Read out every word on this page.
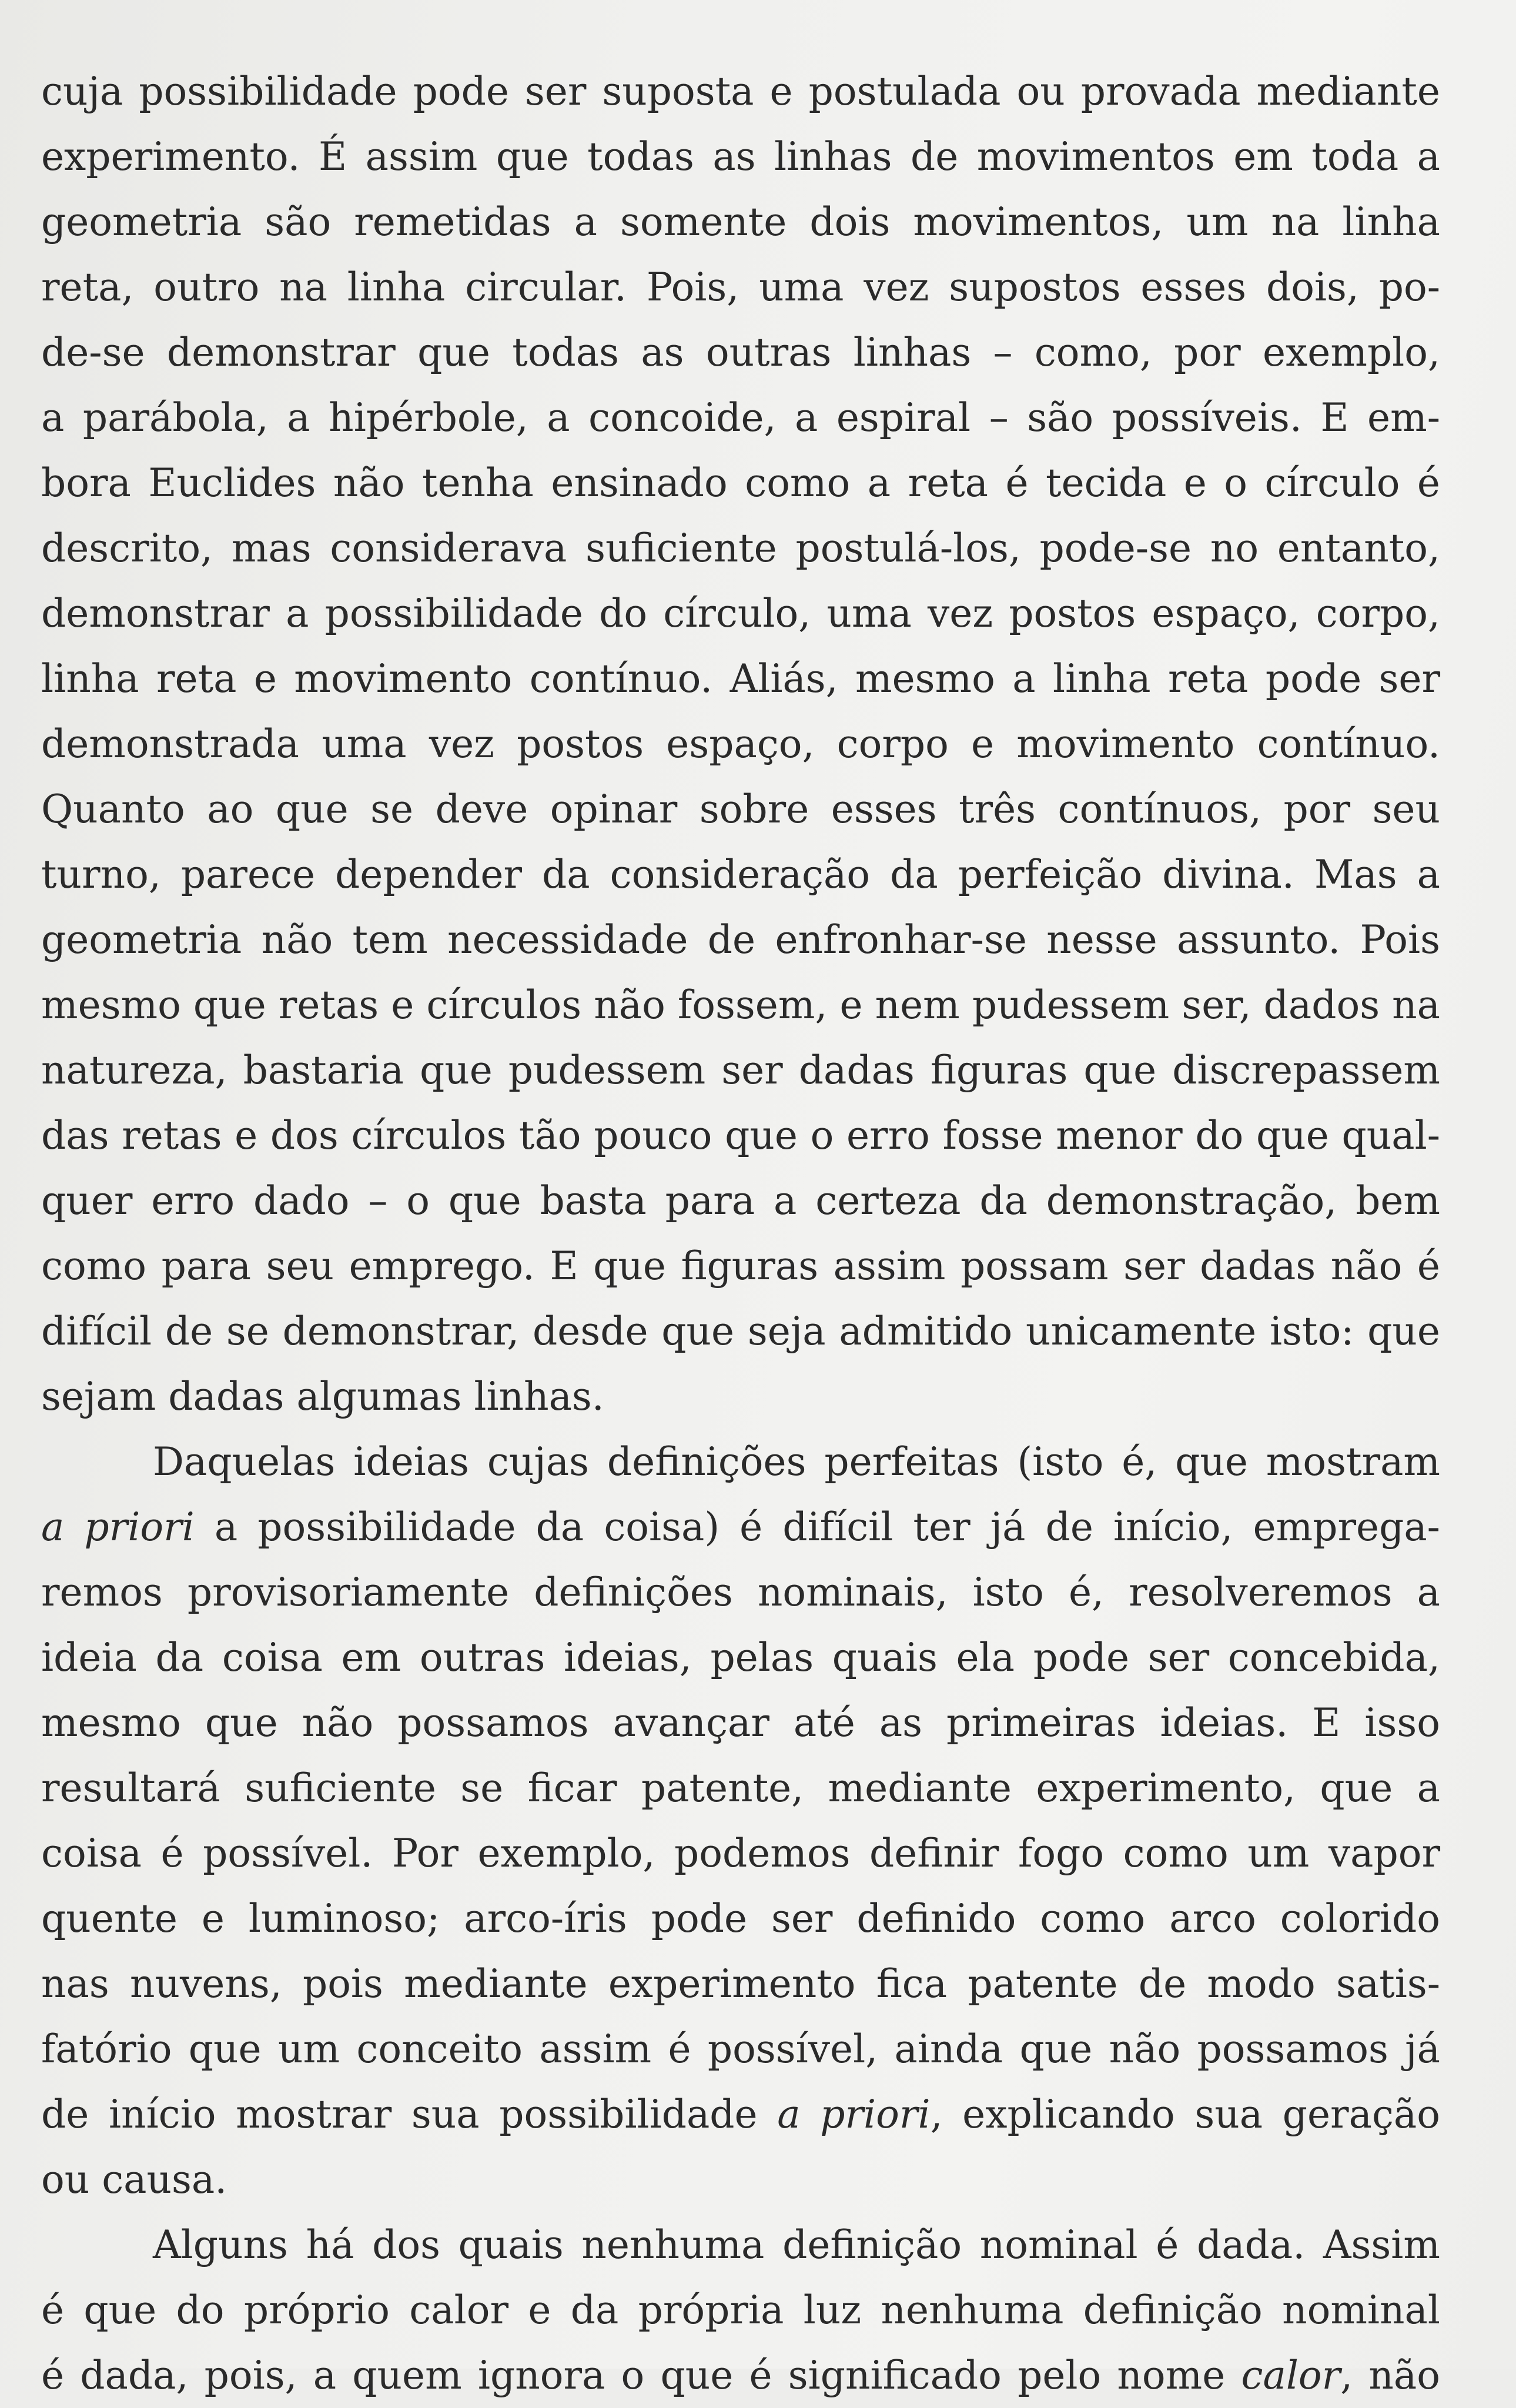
cuja possibilidade pode ser suposta e postulada ou provada mediante
experimento. É assim que todas as linhas de movimentos em toda a
geometria são remetidas a somente dois movimentos, um na linha
reta, outro na linha circular. Pois, uma vez supostos esses dois, po-
de-se demonstrar que todas as outras linhas – como, por exemplo,
a parábola, a hipérbole, a concoide, a espiral – são possíveis. E em-
bora Euclides não tenha ensinado como a reta é tecida e o círculo é
descrito, mas considerava suficiente postulá-los, pode-se no entanto,
demonstrar a possibilidade do círculo, uma vez postos espaço, corpo,
linha reta e movimento contínuo. Aliás, mesmo a linha reta pode ser
demonstrada uma vez postos espaço, corpo e movimento contínuo.
Quanto ao que se deve opinar sobre esses três contínuos, por seu
turno, parece depender da consideração da perfeição divina. Mas a
geometria não tem necessidade de enfronhar-se nesse assunto. Pois
mesmo que retas e círculos não fossem, e nem pudessem ser, dados na
natureza, bastaria que pudessem ser dadas figuras que discrepassem
das retas e dos círculos tão pouco que o erro fosse menor do que qual-
quer erro dado – o que basta para a certeza da demonstração, bem
como para seu emprego. E que figuras assim possam ser dadas não é
difícil de se demonstrar, desde que seja admitido unicamente isto: que
sejam dadas algumas linhas.
Daquelas ideias cujas definições perfeitas (isto é, que mostram
a priori a possibilidade da coisa) é difícil ter já de início, emprega-
remos provisoriamente definições nominais, isto é, resolveremos a
ideia da coisa em outras ideias, pelas quais ela pode ser concebida,
mesmo que não possamos avançar até as primeiras ideias. E isso
resultará suficiente se ficar patente, mediante experimento, que a
coisa é possível. Por exemplo, podemos definir fogo como um vapor
quente e luminoso; arco-íris pode ser definido como arco colorido
nas nuvens, pois mediante experimento fica patente de modo satis-
fatório que um conceito assim é possível, ainda que não possamos já
de início mostrar sua possibilidade a priori, explicando sua geração
ou causa.
Alguns há dos quais nenhuma definição nominal é dada. Assim
é que do próprio calor e da própria luz nenhuma definição nominal
é dada, pois, a quem ignora o que é significado pelo nome calor, não
